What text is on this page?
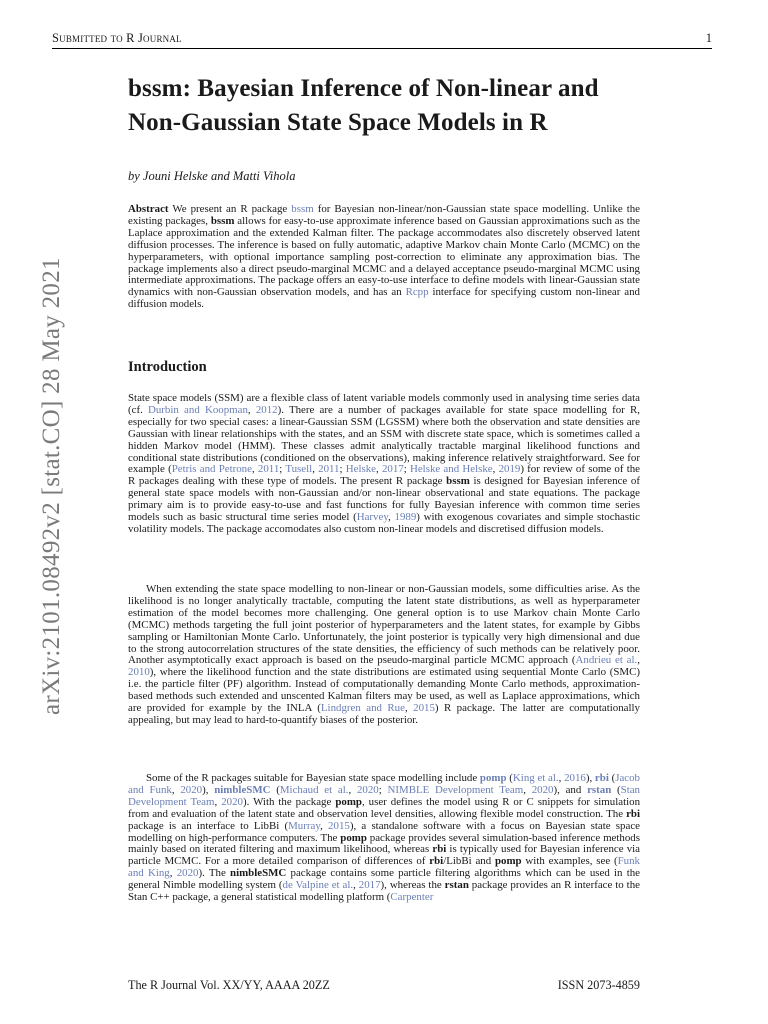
Submitted to R Journal	1
arXiv:2101.08492v2 [stat.CO] 28 May 2021
bssm: Bayesian Inference of Non-linear and Non-Gaussian State Space Models in R

by Jouni Helske and Matti Vihola

Abstract We present an R package bssm for Bayesian non-linear/non-Gaussian state space modelling. Unlike the existing packages, bssm allows for easy-to-use approximate inference based on Gaussian approximations such as the Laplace approximation and the extended Kalman filter. The package accommodates also discretely observed latent diffusion processes. The inference is based on fully automatic, adaptive Markov chain Monte Carlo (MCMC) on the hyperparameters, with optional importance sampling post-correction to eliminate any approximation bias. The package implements also a direct pseudo-marginal MCMC and a delayed acceptance pseudo-marginal MCMC using intermediate approximations. The package offers an easy-to-use interface to define models with linear-Gaussian state dynamics with non-Gaussian observation models, and has an Rcpp interface for specifying custom non-linear and diffusion models.

Introduction

State space models (SSM) are a flexible class of latent variable models commonly used in analysing time series data (cf. Durbin and Koopman, 2012). There are a number of packages available for state space modelling for R, especially for two special cases: a linear-Gaussian SSM (LGSSM) where both the observation and state densities are Gaussian with linear relationships with the states, and an SSM with discrete state space, which is sometimes called a hidden Markov model (HMM). These classes admit analytically tractable marginal likelihood functions and conditional state distributions (conditioned on the observations), making inference relatively straightforward. See for example (Petris and Petrone, 2011; Tusell, 2011; Helske, 2017; Helske and Helske, 2019) for review of some of the R packages dealing with these type of models. The present R package bssm is designed for Bayesian inference of general state space models with non-Gaussian and/or non-linear observational and state equations. The package primary aim is to provide easy-to-use and fast functions for fully Bayesian inference with common time series models such as basic structural time series model (Harvey, 1989) with exogenous covariates and simple stochastic volatility models. The package accomodates also custom non-linear models and discretised diffusion models.

When extending the state space modelling to non-linear or non-Gaussian models, some difficulties arise. As the likelihood is no longer analytically tractable, computing the latent state distributions, as well as hyperparameter estimation of the model becomes more challenging. One general option is to use Markov chain Monte Carlo (MCMC) methods targeting the full joint posterior of hyperparameters and the latent states, for example by Gibbs sampling or Hamiltonian Monte Carlo. Unfortunately, the joint posterior is typically very high dimensional and due to the strong autocorrelation structures of the state densities, the efficiency of such methods can be relatively poor. Another asymptotically exact approach is based on the pseudo-marginal particle MCMC approach (Andrieu et al., 2010), where the likelihood function and the state distributions are estimated using sequential Monte Carlo (SMC) i.e. the particle filter (PF) algorithm. Instead of computationally demanding Monte Carlo methods, approximation-based methods such extended and unscented Kalman filters may be used, as well as Laplace approximations, which are provided for example by the INLA (Lindgren and Rue, 2015) R package. The latter are computationally appealing, but may lead to hard-to-quantify biases of the posterior.

Some of the R packages suitable for Bayesian state space modelling include pomp (King et al., 2016), rbi (Jacob and Funk, 2020), nimbleSMC (Michaud et al., 2020; NIMBLE Development Team, 2020), and rstan (Stan Development Team, 2020). With the package pomp, user defines the model using R or C snippets for simulation from and evaluation of the latent state and observation level densities, allowing flexible model construction. The rbi package is an interface to LibBi (Murray, 2015), a standalone software with a focus on Bayesian state space modelling on high-performance computers. The pomp package provides several simulation-based inference methods mainly based on iterated filtering and maximum likelihood, whereas rbi is typically used for Bayesian inference via particle MCMC. For a more detailed comparison of differences of rbi/LibBi and pomp with examples, see (Funk and King, 2020). The nimbleSMC package contains some particle filtering algorithms which can be used in the general Nimble modelling system (de Valpine et al., 2017), whereas the rstan package provides an R interface to the Stan C++ package, a general statistical modelling platform (Carpenter

The R Journal Vol. XX/YY, AAAA 20ZZ	ISSN 2073-4859
